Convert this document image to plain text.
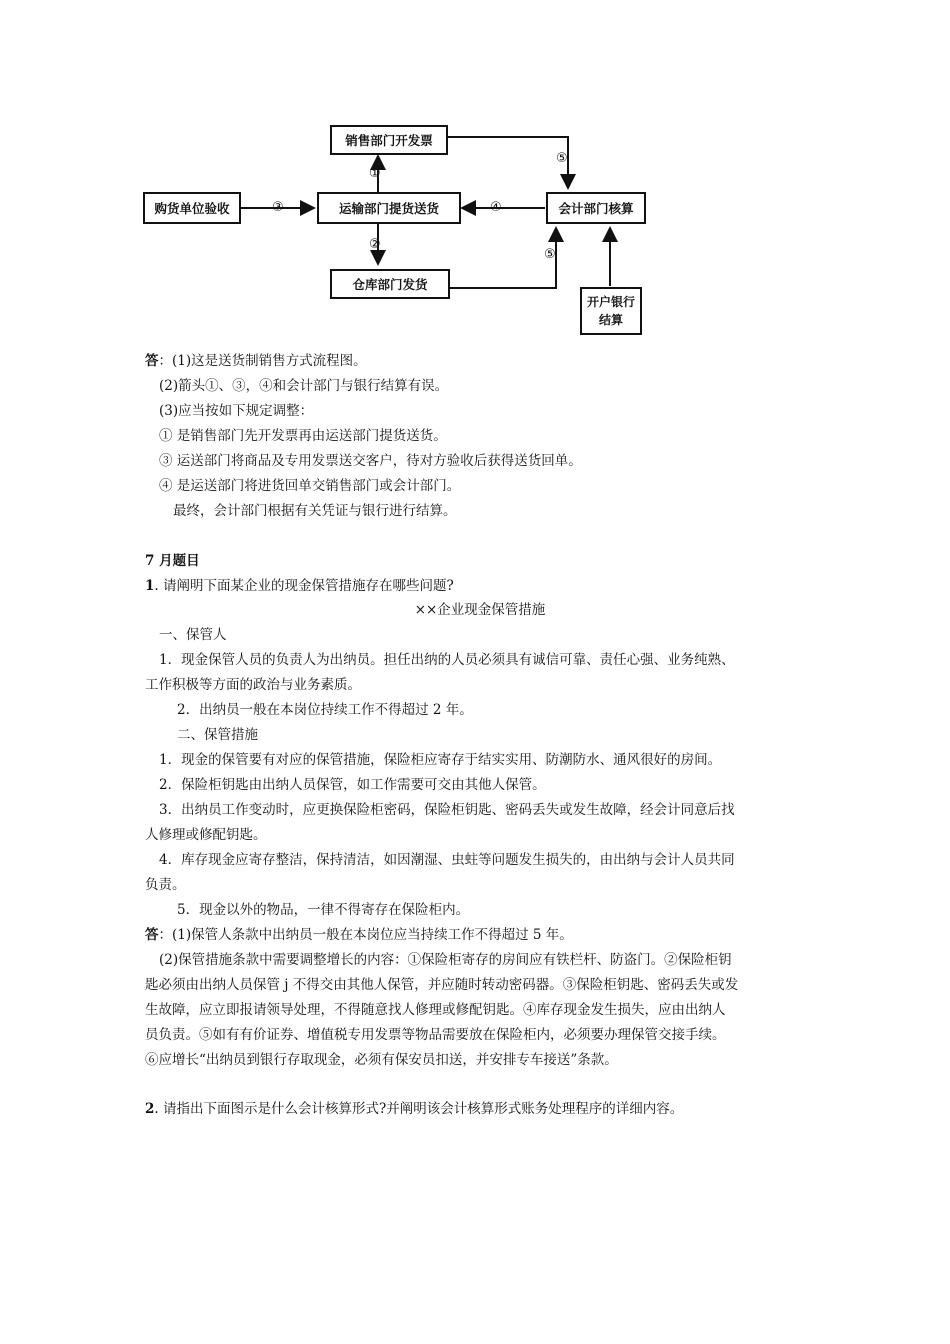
销售部门开发票
购货单位验收	运输部门提货送货	会计部门核算
仓库部门发货
开户银行结算
①
⑤
③	④
②
⑤
答：(1)这是送货制销售方式流程图。
(2)箭头①、③，④和会计部门与银行结算有误。
(3)应当按如下规定调整：
① 是销售部门先开发票再由运送部门提货送货。
③ 运送部门将商品及专用发票送交客户，待对方验收后获得送货回单。
④ 是运送部门将进货回单交销售部门或会计部门。
最终，会计部门根据有关凭证与银行进行结算。
7 月题目
1. 请阐明下面某企业的现金保管措施存在哪些问题?
××企业现金保管措施
一、保管人
1．现金保管人员的负责人为出纳员。担任出纳的人员必须具有诚信可靠、责任心强、业务纯熟、
工作积极等方面的政治与业务素质。
2．出纳员一般在本岗位持续工作不得超过 2 年。
二、保管措施
1．现金的保管要有对应的保管措施，保险柜应寄存于结实实用、防潮防水、通风很好的房间。
2．保险柜钥匙由出纳人员保管，如工作需要可交由其他人保管。
3．出纳员工作变动时，应更换保险柜密码，保险柜钥匙、密码丢失或发生故障，经会计同意后找
人修理或修配钥匙。
4．库存现金应寄存整洁，保持清洁，如因潮湿、虫蛀等问题发生损失的，由出纳与会计人员共同
负责。
5．现金以外的物品，一律不得寄存在保险柜内。
答：(1)保管人条款中出纳员一般在本岗位应当持续工作不得超过 5 年。
(2)保管措施条款中需要调整增长的内容：①保险柜寄存的房间应有铁栏杆、防盗门。②保险柜钥
匙必须由出纳人员保管 j 不得交由其他人保管，并应随时转动密码器。③保险柜钥匙、密码丢失或发
生故障，应立即报请领导处理，不得随意找人修理或修配钥匙。④库存现金发生损失，应由出纳人
员负责。⑤如有有价证券、增值税专用发票等物品需要放在保险柜内，必须要办理保管交接手续。
⑥应增长“出纳员到银行存取现金，必须有保安员扣送，并安排专车接送”条款。
2. 请指出下面图示是什么会计核算形式?并阐明该会计核算形式账务处理程序的详细内容。
